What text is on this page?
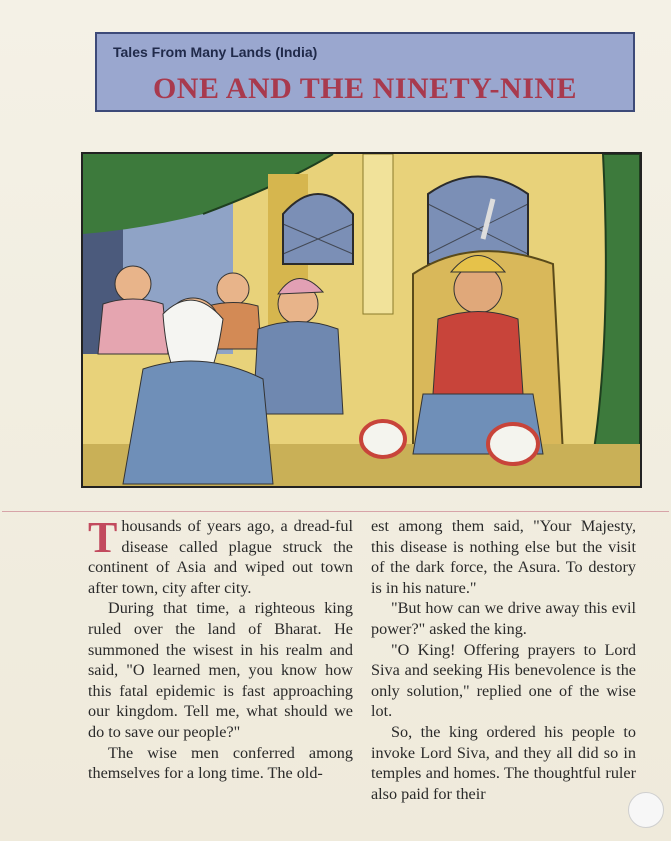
Tales From Many Lands (India)
ONE AND THE NINETY-NINE

Thousands of years ago, a dread-ful disease called plague struck the continent of Asia and wiped out town after town, city after city.

During that time, a righteous king ruled over the land of Bharat. He summoned the wisest in his realm and said, "O learned men, you know how this fatal epidemic is fast approaching our kingdom. Tell me, what should we do to save our people?"

The wise men conferred among themselves for a long time. The old-

est among them said, "Your Majesty, this disease is nothing else but the visit of the dark force, the Asura. To destory is in his nature."

"But how can we drive away this evil power?" asked the king.

"O King! Offering prayers to Lord Siva and seeking His benevolence is the only solution," replied one of the wise lot.

So, the king ordered his people to invoke Lord Siva, and they all did so in temples and homes. The thoughtful ruler also paid for their
